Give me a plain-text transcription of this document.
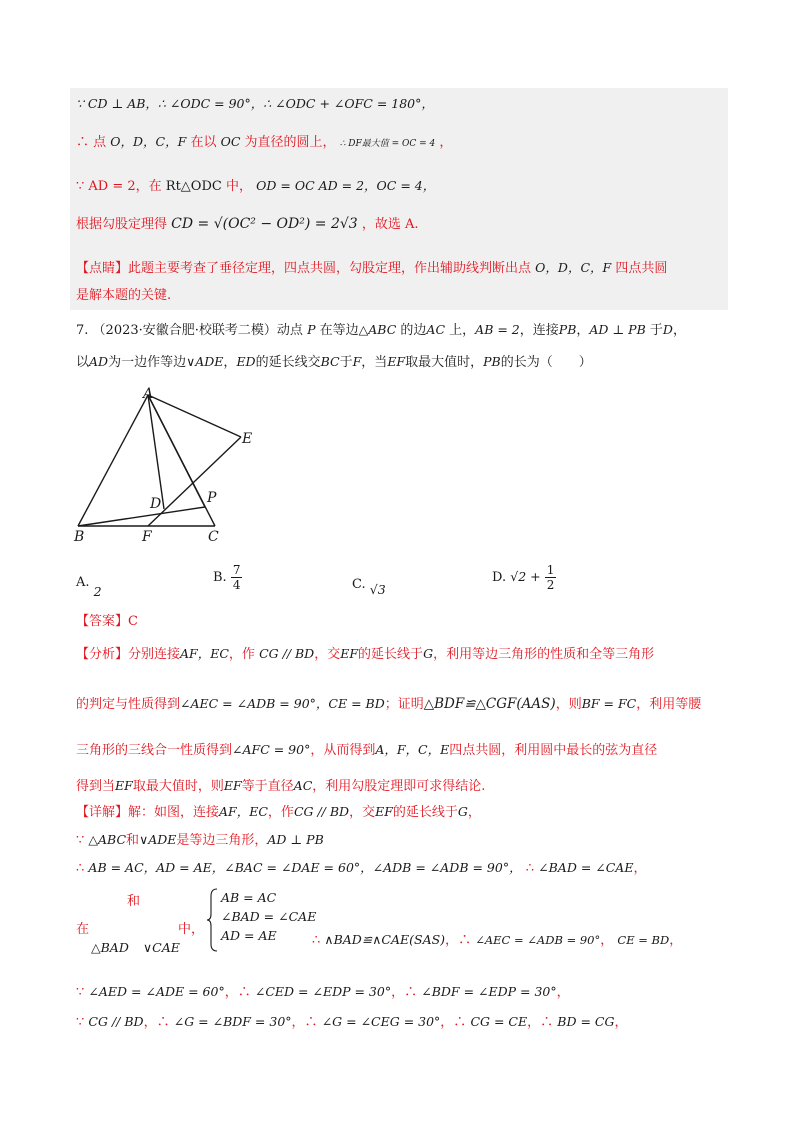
∵ CD ⊥ AB，∴ ∠ODC = 90°，∴ ∠ODC + ∠OFC = 180°，
∴ 点 O，D，C，F 在以 OC 为直径的圆上， ∴ DF最大值 = OC = 4 ，
∵ AD = 2，在 Rt△ODC 中， OD = OC AD = 2，OC = 4，
根据勾股定理得 CD = √(OC² − OD²) = 2√3 ，故选 A.
【点睛】此题主要考查了垂径定理，四点共圆，勾股定理，作出辅助线判断出点 O，D，C，F 四点共圆
是解本题的关键.
7. （2023·安徽合肥·校联考二模）动点 P 在等边△ABC 的边AC 上，AB = 2，连接PB，AD ⊥ PB 于D，
以AD为一边作等边∨ADE，ED的延长线交BC于F，当EF取最大值时，PB的长为（　　）
A
E
D	P
B	F	C
A. 2
B. $\frac{7}{4}$	C. √3
D. $√2 + \frac{1}{2}$
【答案】C
【分析】分别连接AF，EC，作 CG // BD，交EF的延长线于G，利用等边三角形的性质和全等三角形
的判定与性质得到∠AEC = ∠ADB = 90°，CE = BD；证明△BDF≌△CGF(AAS)，则BF = FC，利用等腰
三角形的三线合一性质得到∠AFC = 90°，从而得到A，F，C，E四点共圆，利用圆中最长的弦为直径
得到当EF取最大值时，则EF等于直径AC，利用勾股定理即可求得结论.
【详解】解：如图，连接AF，EC，作CG // BD，交EF的延长线于G，
∵ △ABC和∨ADE是等边三角形，AD ⊥ PB
∴ AB = AC，AD = AE，∠BAC = ∠DAE = 60°，∠ADB = ∠ADB = 90°， ∴ ∠BAD = ∠CAE，
在
和
中，
△BAD ∨CAE
AB = AC
∠BAD = ∠CAE
AD = AE	∴ ∧BAD≌∧CAE(SAS)，∴ ∠AEC = ∠ADB = 90°， CE = BD，
∵ ∠AED = ∠ADE = 60°，∴ ∠CED = ∠EDP = 30°，∴ ∠BDF = ∠EDP = 30°，
∵ CG // BD，∴ ∠G = ∠BDF = 30°，∴ ∠G = ∠CEG = 30°，∴ CG = CE，∴ BD = CG，
